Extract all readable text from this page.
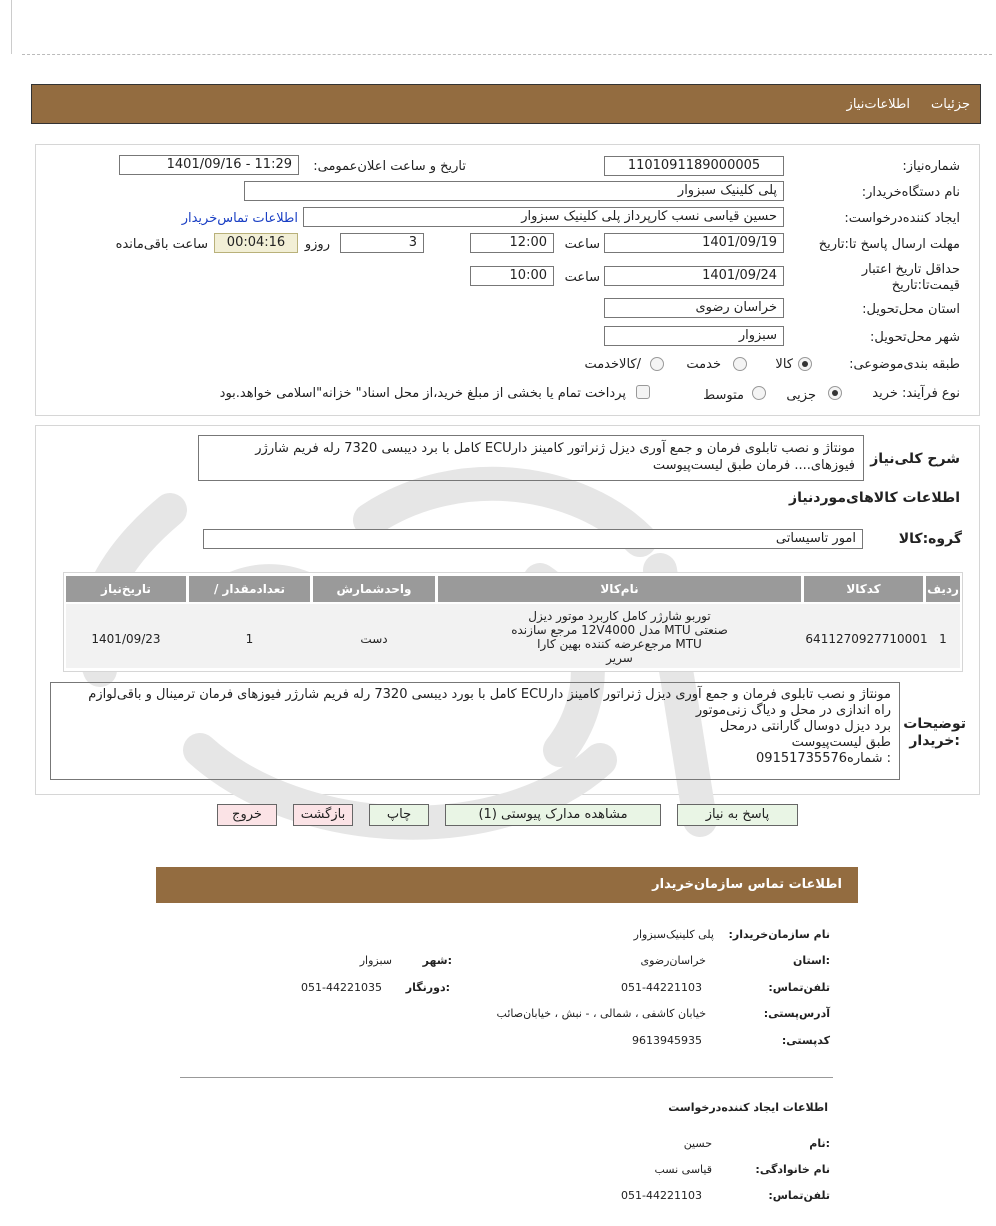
جزئیات
اطلاعات‌نیاز
شماره‌نیاز:
1101091189000005
تاریخ و ساعت اعلان‌عمومی:
1401/09/16 - 11:29
نام دستگاه‌خریدار:
پلی کلینیک سبزوار
ایجاد کننده‌درخواست:
حسین قیاسی نسب کارپرداز پلی کلینیک سبزوار
اطلاعات تماس‌خریدار
مهلت ارسال پاسخ تا:تاریخ
1401/09/19
ساعت
12:00
3
روزو
00:04:16
ساعت باقی‌مانده
حداقل تاریخ اعتبار قیمت‌تا:تاریخ
1401/09/24
ساعت
10:00
استان محل‌تحویل:
خراسان رضوی
شهر محل‌تحویل:
سبزوار
طبقه بندی‌موضوعی:
کالا
خدمت
/کالاخدمت
نوع فرآیند: خرید
جزیی
متوسط
پرداخت تمام یا بخشی از مبلغ خرید،از محل اسناد" خزانه"اسلامی خواهد.بود
شرح کلی‌نیاز
مونتاژ و نصب تابلوی فرمان و جمع آوری دیزل ژنراتور کامینز دارECU کامل با برد دیبسی 7320 رله فریم شارژر
فیوزهای.... فرمان طبق لیست‌پیوست
اطلاعات کالاهای‌موردنیاز
گروه:کالا
امور تاسیساتی
ردیف
کدکالا
نام‌کالا
واحدشمارش
/ تعدادمقدار
تاریخ‌نیاز
1
6411270927710001
توربو شارژر کامل کاربرد موتور دیزل
صنعتی MTU مدل 12V4000 مرجع سازنده
MTU مرجع‌عرضه کننده بهین کارا
سریر
دست
1
1401/09/23
توضیحات
:خریدار
مونتاژ و نصب تابلوی فرمان و جمع آوری دیزل ژنراتور کامینز دارECU کامل با بورد دیبسی 7320 رله فریم شارژر فیوزهای فرمان ترمینال و باقی‌لوازم
راه اندازی در محل و دیاگ زنی‌موتور
برد دیزل دوسال گارانتی درمحل
طبق لیست‌پیوست
: شماره09151735576
پاسخ به نیاز
مشاهده مدارک پیوستی (1)
چاپ
بازگشت
خروج
اطلاعات تماس سازمان‌خریدار
نام سازمان‌خریدار:
پلی کلینیک‌سبزوار
:استان
خراسان‌رضوی
:شهر
سبزوار
تلفن‌تماس:
051-44221103
:دورنگار
051-44221035
آدرس‌پستی:
خیابان کاشفی ، شمالی ، - نبش ، خیابان‌صائب
کدپستی:
9613945935
اطلاعات ایجاد کننده‌درخواست
:نام
حسین
نام خانوادگی:
قیاسی نسب
تلفن‌تماس:
051-44221103
